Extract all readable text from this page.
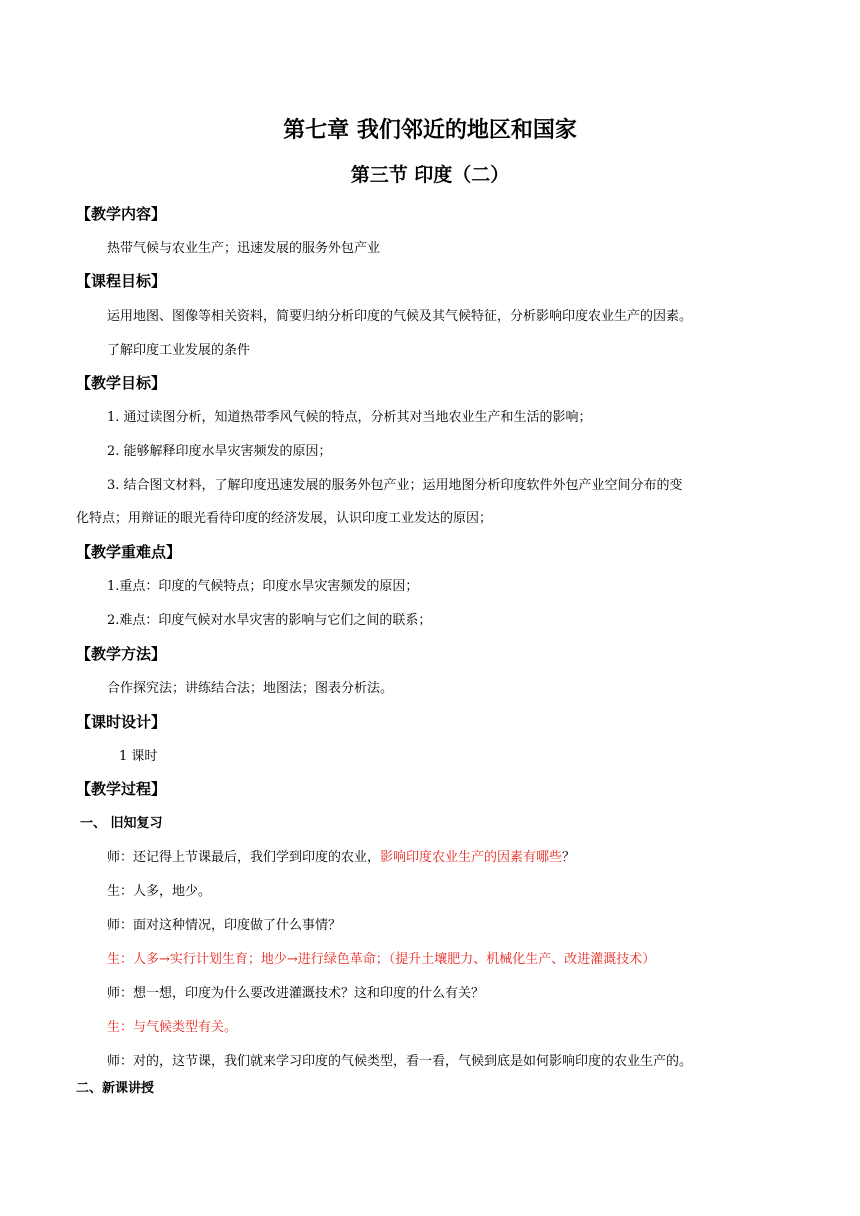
第七章 我们邻近的地区和国家
第三节 印度（二）
【教学内容】
热带气候与农业生产；迅速发展的服务外包产业
【课程目标】
运用地图、图像等相关资料，简要归纳分析印度的气候及其气候特征，分析影响印度农业生产的因素。
了解印度工业发展的条件
【教学目标】
1. 通过读图分析，知道热带季风气候的特点，分析其对当地农业生产和生活的影响；
2. 能够解释印度水旱灾害频发的原因；
3. 结合图文材料，了解印度迅速发展的服务外包产业；运用地图分析印度软件外包产业空间分布的变
化特点；用辩证的眼光看待印度的经济发展，认识印度工业发达的原因；
【教学重难点】
1.重点：印度的气候特点；印度水旱灾害频发的原因；
2.难点：印度气候对水旱灾害的影响与它们之间的联系；
【教学方法】
合作探究法；讲练结合法；地图法；图表分析法。
【课时设计】
1 课时
【教学过程】
一、 旧知复习
师：还记得上节课最后，我们学到印度的农业，影响印度农业生产的因素有哪些？
生：人多，地少。
师：面对这种情况，印度做了什么事情？
生：人多→实行计划生育；地少→进行绿色革命；（提升土壤肥力、机械化生产、改进灌溉技术）
师：想一想，印度为什么要改进灌溉技术？这和印度的什么有关？
生：与气候类型有关。
师：对的，这节课，我们就来学习印度的气候类型，看一看，气候到底是如何影响印度的农业生产的。
二、新课讲授
